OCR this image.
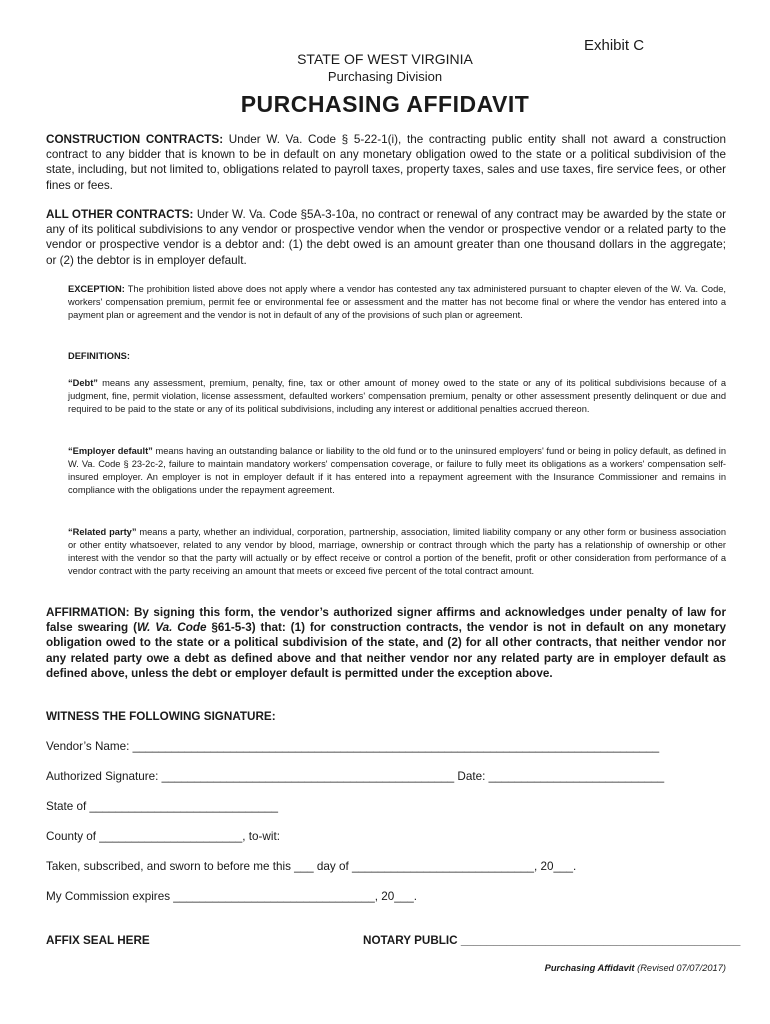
Exhibit C
STATE OF WEST VIRGINIA
Purchasing Division
PURCHASING AFFIDAVIT

CONSTRUCTION CONTRACTS: Under W. Va. Code § 5-22-1(i), the contracting public entity shall not award a construction contract to any bidder that is known to be in default on any monetary obligation owed to the state or a political subdivision of the state, including, but not limited to, obligations related to payroll taxes, property taxes, sales and use taxes, fire service fees, or other fines or fees.

ALL OTHER CONTRACTS: Under W. Va. Code §5A-3-10a, no contract or renewal of any contract may be awarded by the state or any of its political subdivisions to any vendor or prospective vendor when the vendor or prospective vendor or a related party to the vendor or prospective vendor is a debtor and: (1) the debt owed is an amount greater than one thousand dollars in the aggregate; or (2) the debtor is in employer default.

EXCEPTION: The prohibition listed above does not apply where a vendor has contested any tax administered pursuant to chapter eleven of the W. Va. Code, workers' compensation premium, permit fee or environmental fee or assessment and the matter has not become final or where the vendor has entered into a payment plan or agreement and the vendor is not in default of any of the provisions of such plan or agreement.

DEFINITIONS:

“Debt” means any assessment, premium, penalty, fine, tax or other amount of money owed to the state or any of its political subdivisions because of a judgment, fine, permit violation, license assessment, defaulted workers' compensation premium, penalty or other assessment presently delinquent or due and required to be paid to the state or any of its political subdivisions, including any interest or additional penalties accrued thereon.

“Employer default” means having an outstanding balance or liability to the old fund or to the uninsured employers' fund or being in policy default, as defined in W. Va. Code § 23-2c-2, failure to maintain mandatory workers' compensation coverage, or failure to fully meet its obligations as a workers' compensation self-insured employer. An employer is not in employer default if it has entered into a repayment agreement with the Insurance Commissioner and remains in compliance with the obligations under the repayment agreement.

“Related party” means a party, whether an individual, corporation, partnership, association, limited liability company or any other form or business association or other entity whatsoever, related to any vendor by blood, marriage, ownership or contract through which the party has a relationship of ownership or other interest with the vendor so that the party will actually or by effect receive or control a portion of the benefit, profit or other consideration from performance of a vendor contract with the party receiving an amount that meets or exceed five percent of the total contract amount.

AFFIRMATION: By signing this form, the vendor’s authorized signer affirms and acknowledges under penalty of law for false swearing (W. Va. Code §61-5-3) that: (1) for construction contracts, the vendor is not in default on any monetary obligation owed to the state or a political subdivision of the state, and (2) for all other contracts, that neither vendor nor any related party owe a debt as defined above and that neither vendor nor any related party are in employer default as defined above, unless the debt or employer default is permitted under the exception above.

WITNESS THE FOLLOWING SIGNATURE:

Vendor’s Name: _________________________________________________________________________________

Authorized Signature: _____________________________________________ Date: ___________________________

State of _____________________________

County of ______________________, to-wit:

Taken, subscribed, and sworn to before me this ___ day of ____________________________, 20___.

My Commission expires _______________________________, 20___.

AFFIX SEAL HERE	NOTARY PUBLIC ___________________________________________

Purchasing Affidavit (Revised 07/07/2017)
